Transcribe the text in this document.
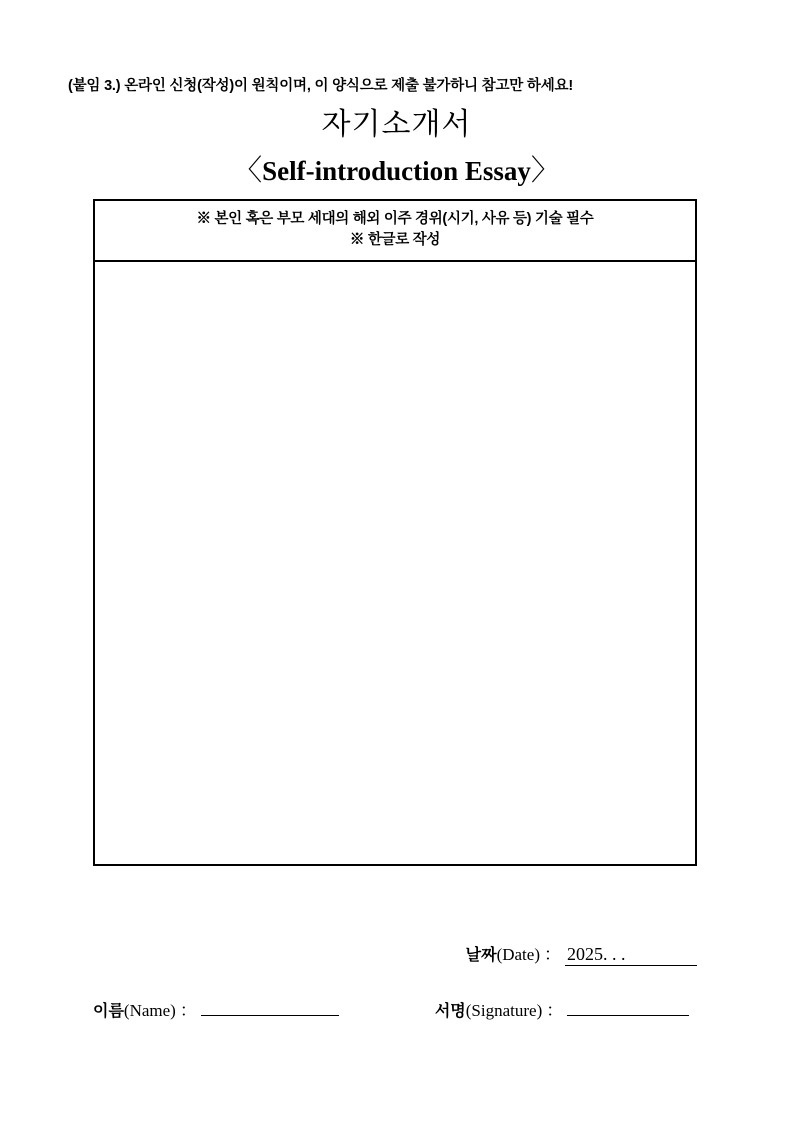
(붙임 3.) 온라인 신청(작성)이 원칙이며, 이 양식으로 제출 불가하니 참고만 하세요!
자기소개서
〈Self-introduction Essay〉
※ 본인 혹은 부모 세대의 해외 이주 경위(시기, 사유 등) 기술 필수
※ 한글로 작성
날짜(Date) ： 2025. . .
이름(Name) ：	서명(Signature) ：
